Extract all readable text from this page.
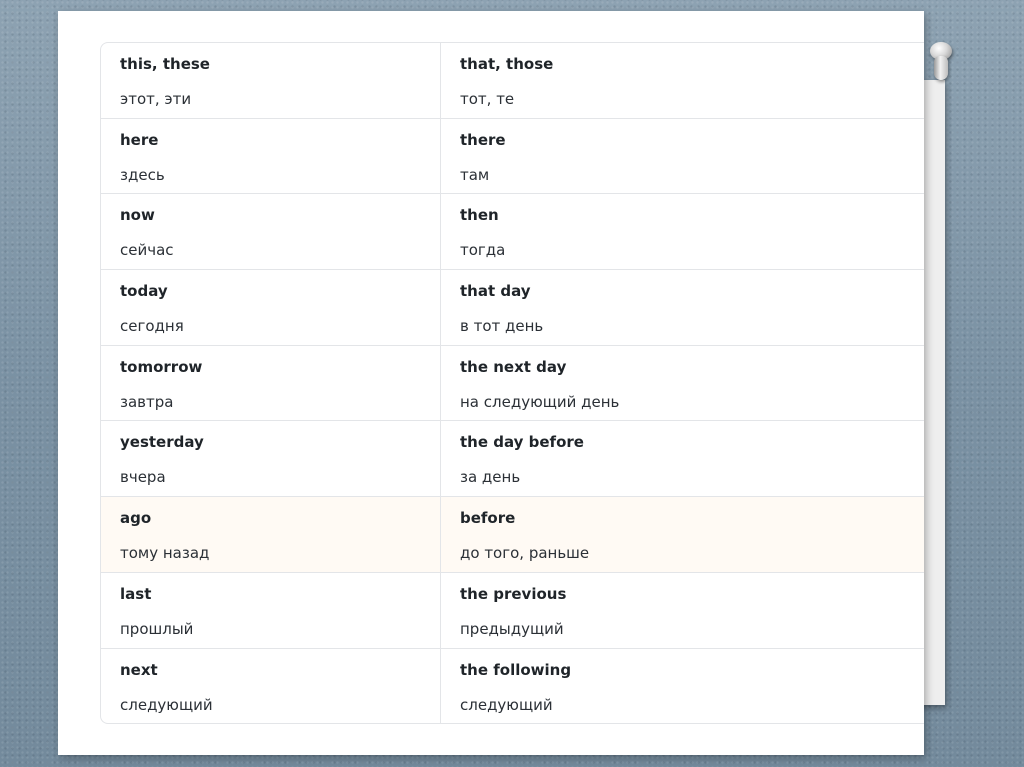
this, these
этот, эти
that, those
тот, те
here
здесь
there
там
now
сейчас
then
тогда
today
сегодня
that day
в тот день
tomorrow
завтра
the next day
на следующий день
yesterday
вчера
the day before
за день
ago
тому назад
before
до того, раньше
last
прошлый
the previous
предыдущий
next
следующий
the following
следующий
